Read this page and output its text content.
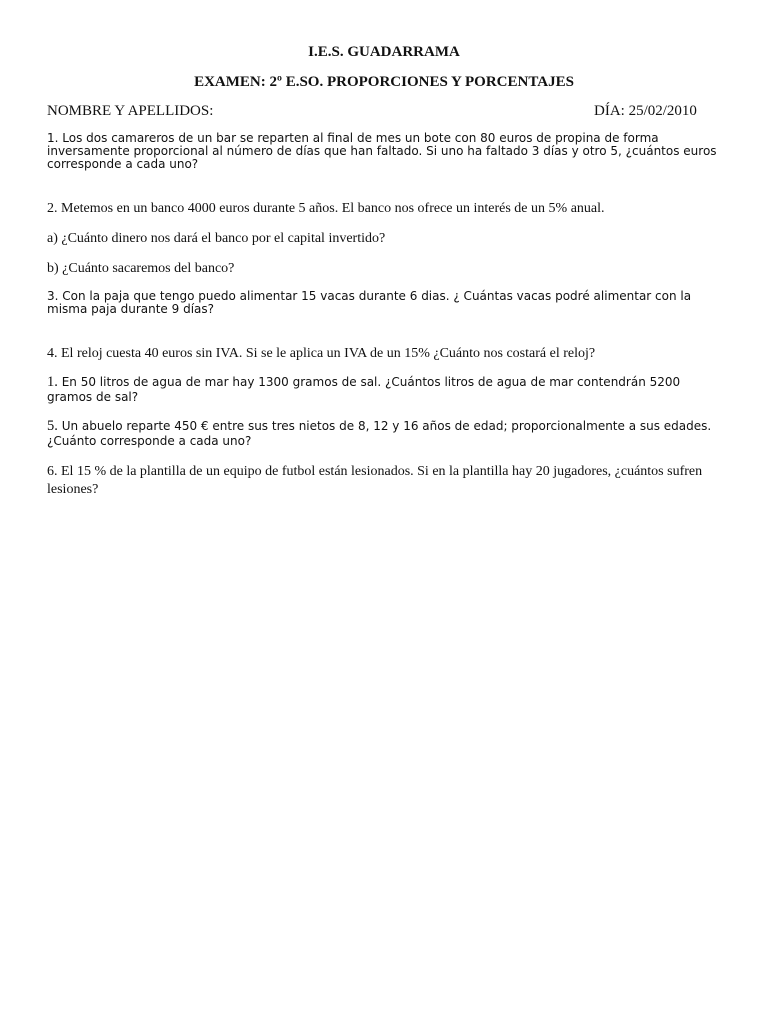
I.E.S. GUADARRAMA
EXAMEN: 2º E.SO. PROPORCIONES Y PORCENTAJES
NOMBRE Y APELLIDOS:	DÍA: 25/02/2010
1. Los dos camareros de un bar se reparten al final de mes un bote con 80 euros de propina de forma inversamente proporcional al número de días que han faltado. Si uno ha faltado 3 días y otro 5, ¿cuántos euros corresponde a cada uno?
2. Metemos en un banco 4000 euros durante 5 años. El banco nos ofrece un interés de un 5% anual.
a) ¿Cuánto dinero nos dará el banco por el capital invertido?
b) ¿Cuánto sacaremos del banco?
3. Con la paja que tengo puedo alimentar 15 vacas durante 6 dias. ¿ Cuántas vacas podré alimentar con la misma paja durante 9 días?
4. El reloj cuesta 40 euros sin IVA. Si se le aplica un IVA de un 15% ¿Cuánto nos costará el reloj?
1. En 50 litros de agua de mar hay 1300 gramos de sal. ¿Cuántos litros de agua de mar contendrán 5200 gramos de sal?
5. Un abuelo reparte 450 € entre sus tres nietos de 8, 12 y 16 años de edad; proporcionalmente a sus edades. ¿Cuánto corresponde a cada uno?
6. El 15 % de la plantilla de un equipo de futbol están lesionados. Si en la plantilla hay 20 jugadores, ¿cuántos sufren lesiones?
